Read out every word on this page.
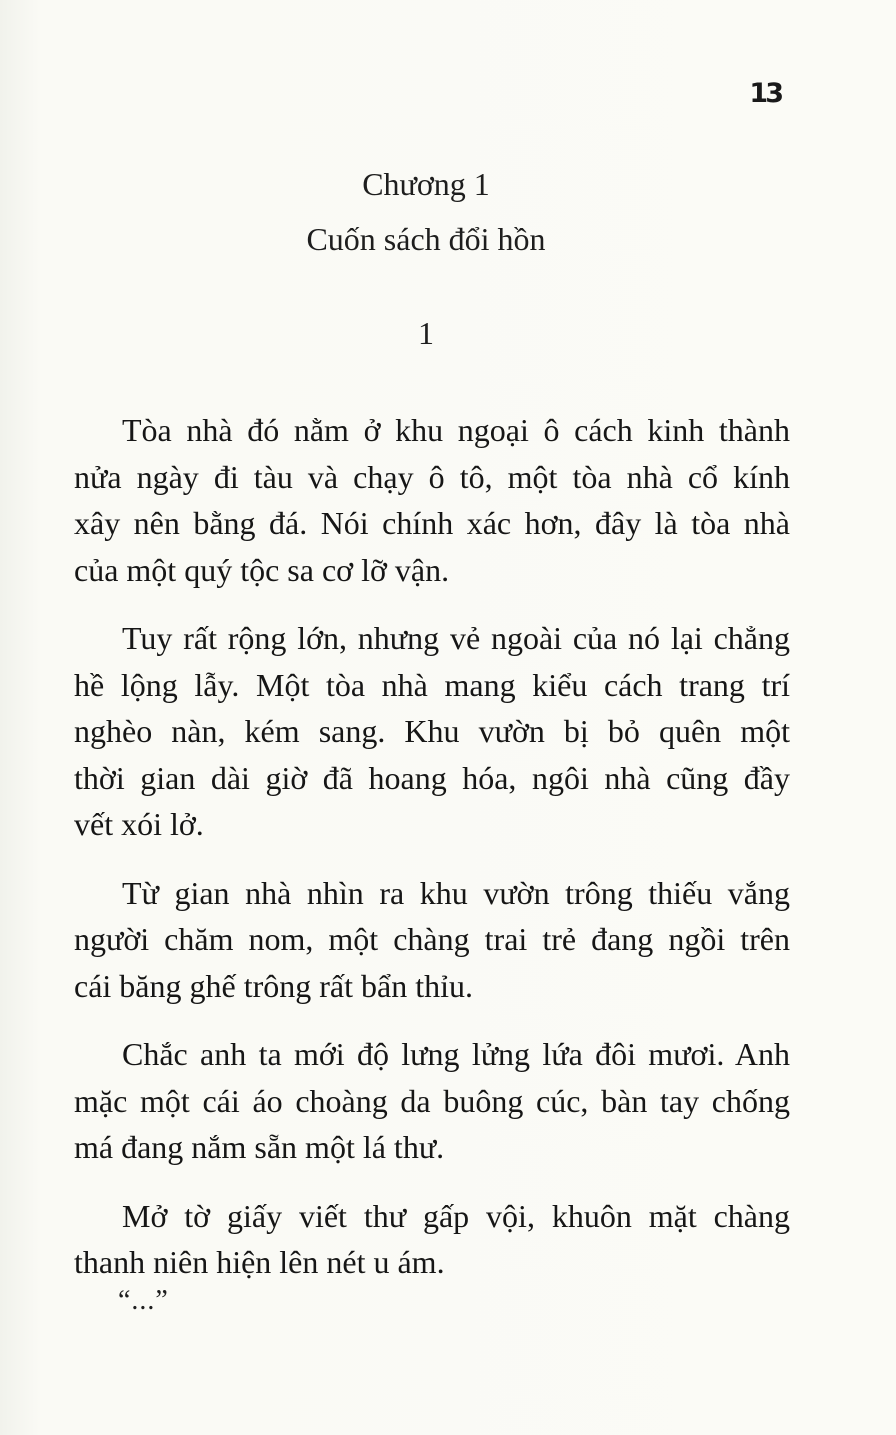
13
Chương 1
Cuốn sách đổi hồn
1

Tòa nhà đó nằm ở khu ngoại ô cách kinh thành
nửa ngày đi tàu và chạy ô tô, một tòa nhà cổ kính
xây nên bằng đá. Nói chính xác hơn, đây là tòa nhà
của một quý tộc sa cơ lỡ vận.

Tuy rất rộng lớn, nhưng vẻ ngoài của nó lại chẳng
hề lộng lẫy. Một tòa nhà mang kiểu cách trang trí
nghèo nàn, kém sang. Khu vườn bị bỏ quên một
thời gian dài giờ đã hoang hóa, ngôi nhà cũng đầy
vết xói lở.

Từ gian nhà nhìn ra khu vườn trông thiếu vắng
người chăm nom, một chàng trai trẻ đang ngồi trên
cái băng ghế trông rất bẩn thỉu.

Chắc anh ta mới độ lưng lửng lứa đôi mươi. Anh
mặc một cái áo choàng da buông cúc, bàn tay chống
má đang nắm sẵn một lá thư.

Mở tờ giấy viết thư gấp vội, khuôn mặt chàng
thanh niên hiện lên nét u ám.

“...”
